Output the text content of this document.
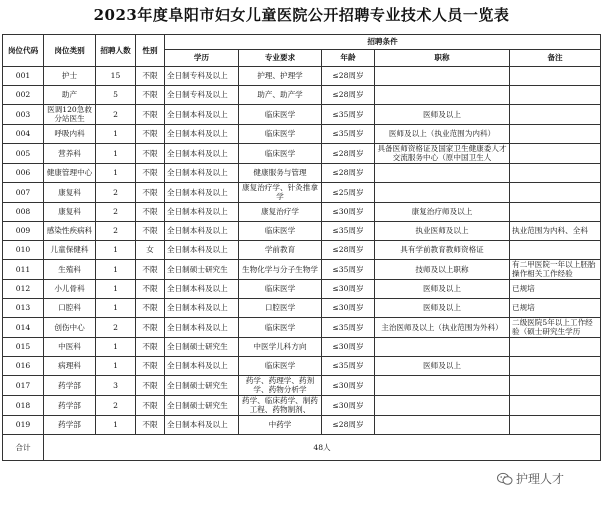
2023年度阜阳市妇女儿童医院公开招聘专业技术人员一览表
岗位代码	岗位类别	招聘人数	性别	招聘条件				
				学历	专业要求	年龄	职称	备注
001	护士	15	不限	全日制专科及以上	护理、护理学	≤28周岁		
002	助产	5	不限	全日制专科及以上	助产、助产学	≤28周岁		
003	医调120急救分站医生	2	不限	全日制本科及以上	临床医学	≤35周岁	医师及以上	
004	呼吸内科	1	不限	全日制本科及以上	临床医学	≤35周岁	医师及以上（执业范围为内科）	
005	营养科	1	不限	全日制本科及以上	临床医学	≤28周岁	具备医师资格证及国家卫生健康委人才交流服务中心（原中国卫生人	
006	健康管理中心	1	不限	全日制本科及以上	健康服务与管理	≤28周岁		
007	康复科	2	不限	全日制本科及以上	康复治疗学、针灸推拿学	≤25周岁		
008	康复科	2	不限	全日制本科及以上	康复治疗学	≤30周岁	康复治疗师及以上	
009	感染性疾病科	2	不限	全日制本科及以上	临床医学	≤35周岁	执业医师及以上	执业范围为内科、全科
010	儿童保健科	1	女	全日制本科及以上	学前教育	≤28周岁	具有学前教育教师资格证	
011	生殖科	1	不限	全日制硕士研究生	生物化学与分子生物学	≤35周岁	技师及以上职称	有二甲医院一年以上胚胎操作相关工作经验
012	小儿骨科	1	不限	全日制本科及以上	临床医学	≤30周岁	医师及以上	已规培
013	口腔科	1	不限	全日制本科及以上	口腔医学	≤30周岁	医师及以上	已规培
014	创伤中心	2	不限	全日制本科及以上	临床医学	≤35周岁	主治医师及以上（执业范围为外科）	二级医院5年以上工作经验（硕士研究生学历
015	中医科	1	不限	全日制硕士研究生	中医学儿科方向	≤30周岁		
016	病理科	1	不限	全日制本科及以上	临床医学	≤35周岁	医师及以上	
017	药学部	3	不限	全日制硕士研究生	药学、药理学、药剂学、药物分析学	≤30周岁		
018	药学部	2	不限	全日制硕士研究生	药学、临床药学、制药工程、药物制剂、	≤30周岁		
019	药学部	1	不限	全日制本科及以上	中药学	≤28周岁		
合计	48人							
护理人才
